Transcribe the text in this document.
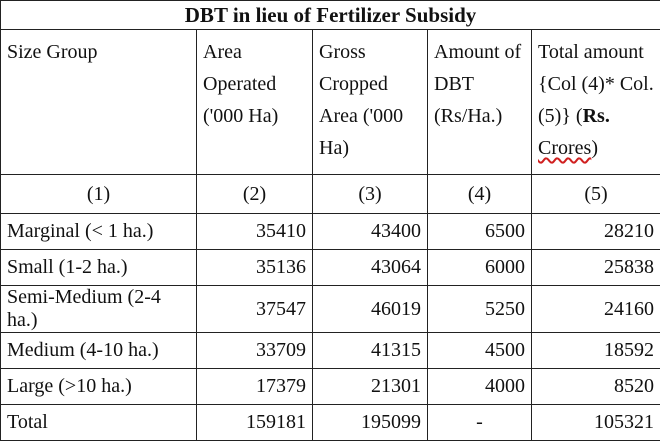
DBT in lieu of Fertilizer Subsidy				
Size Group	Area Operated ('000 Ha)	Gross Cropped Area ('000 Ha)	Amount of DBT (Rs/Ha.)	Total amount {Col (4)* Col. (5)} (Rs. Crores)
(1)	(2)	(3)	(4)	(5)
Marginal (< 1 ha.)	35410	43400	6500	28210
Small (1-2 ha.)	35136	43064	6000	25838
Semi-Medium (2-4 ha.)	37547	46019	5250	24160
Medium (4-10 ha.)	33709	41315	4500	18592
Large (>10 ha.)	17379	21301	4000	8520
Total	159181	195099	-	105321
